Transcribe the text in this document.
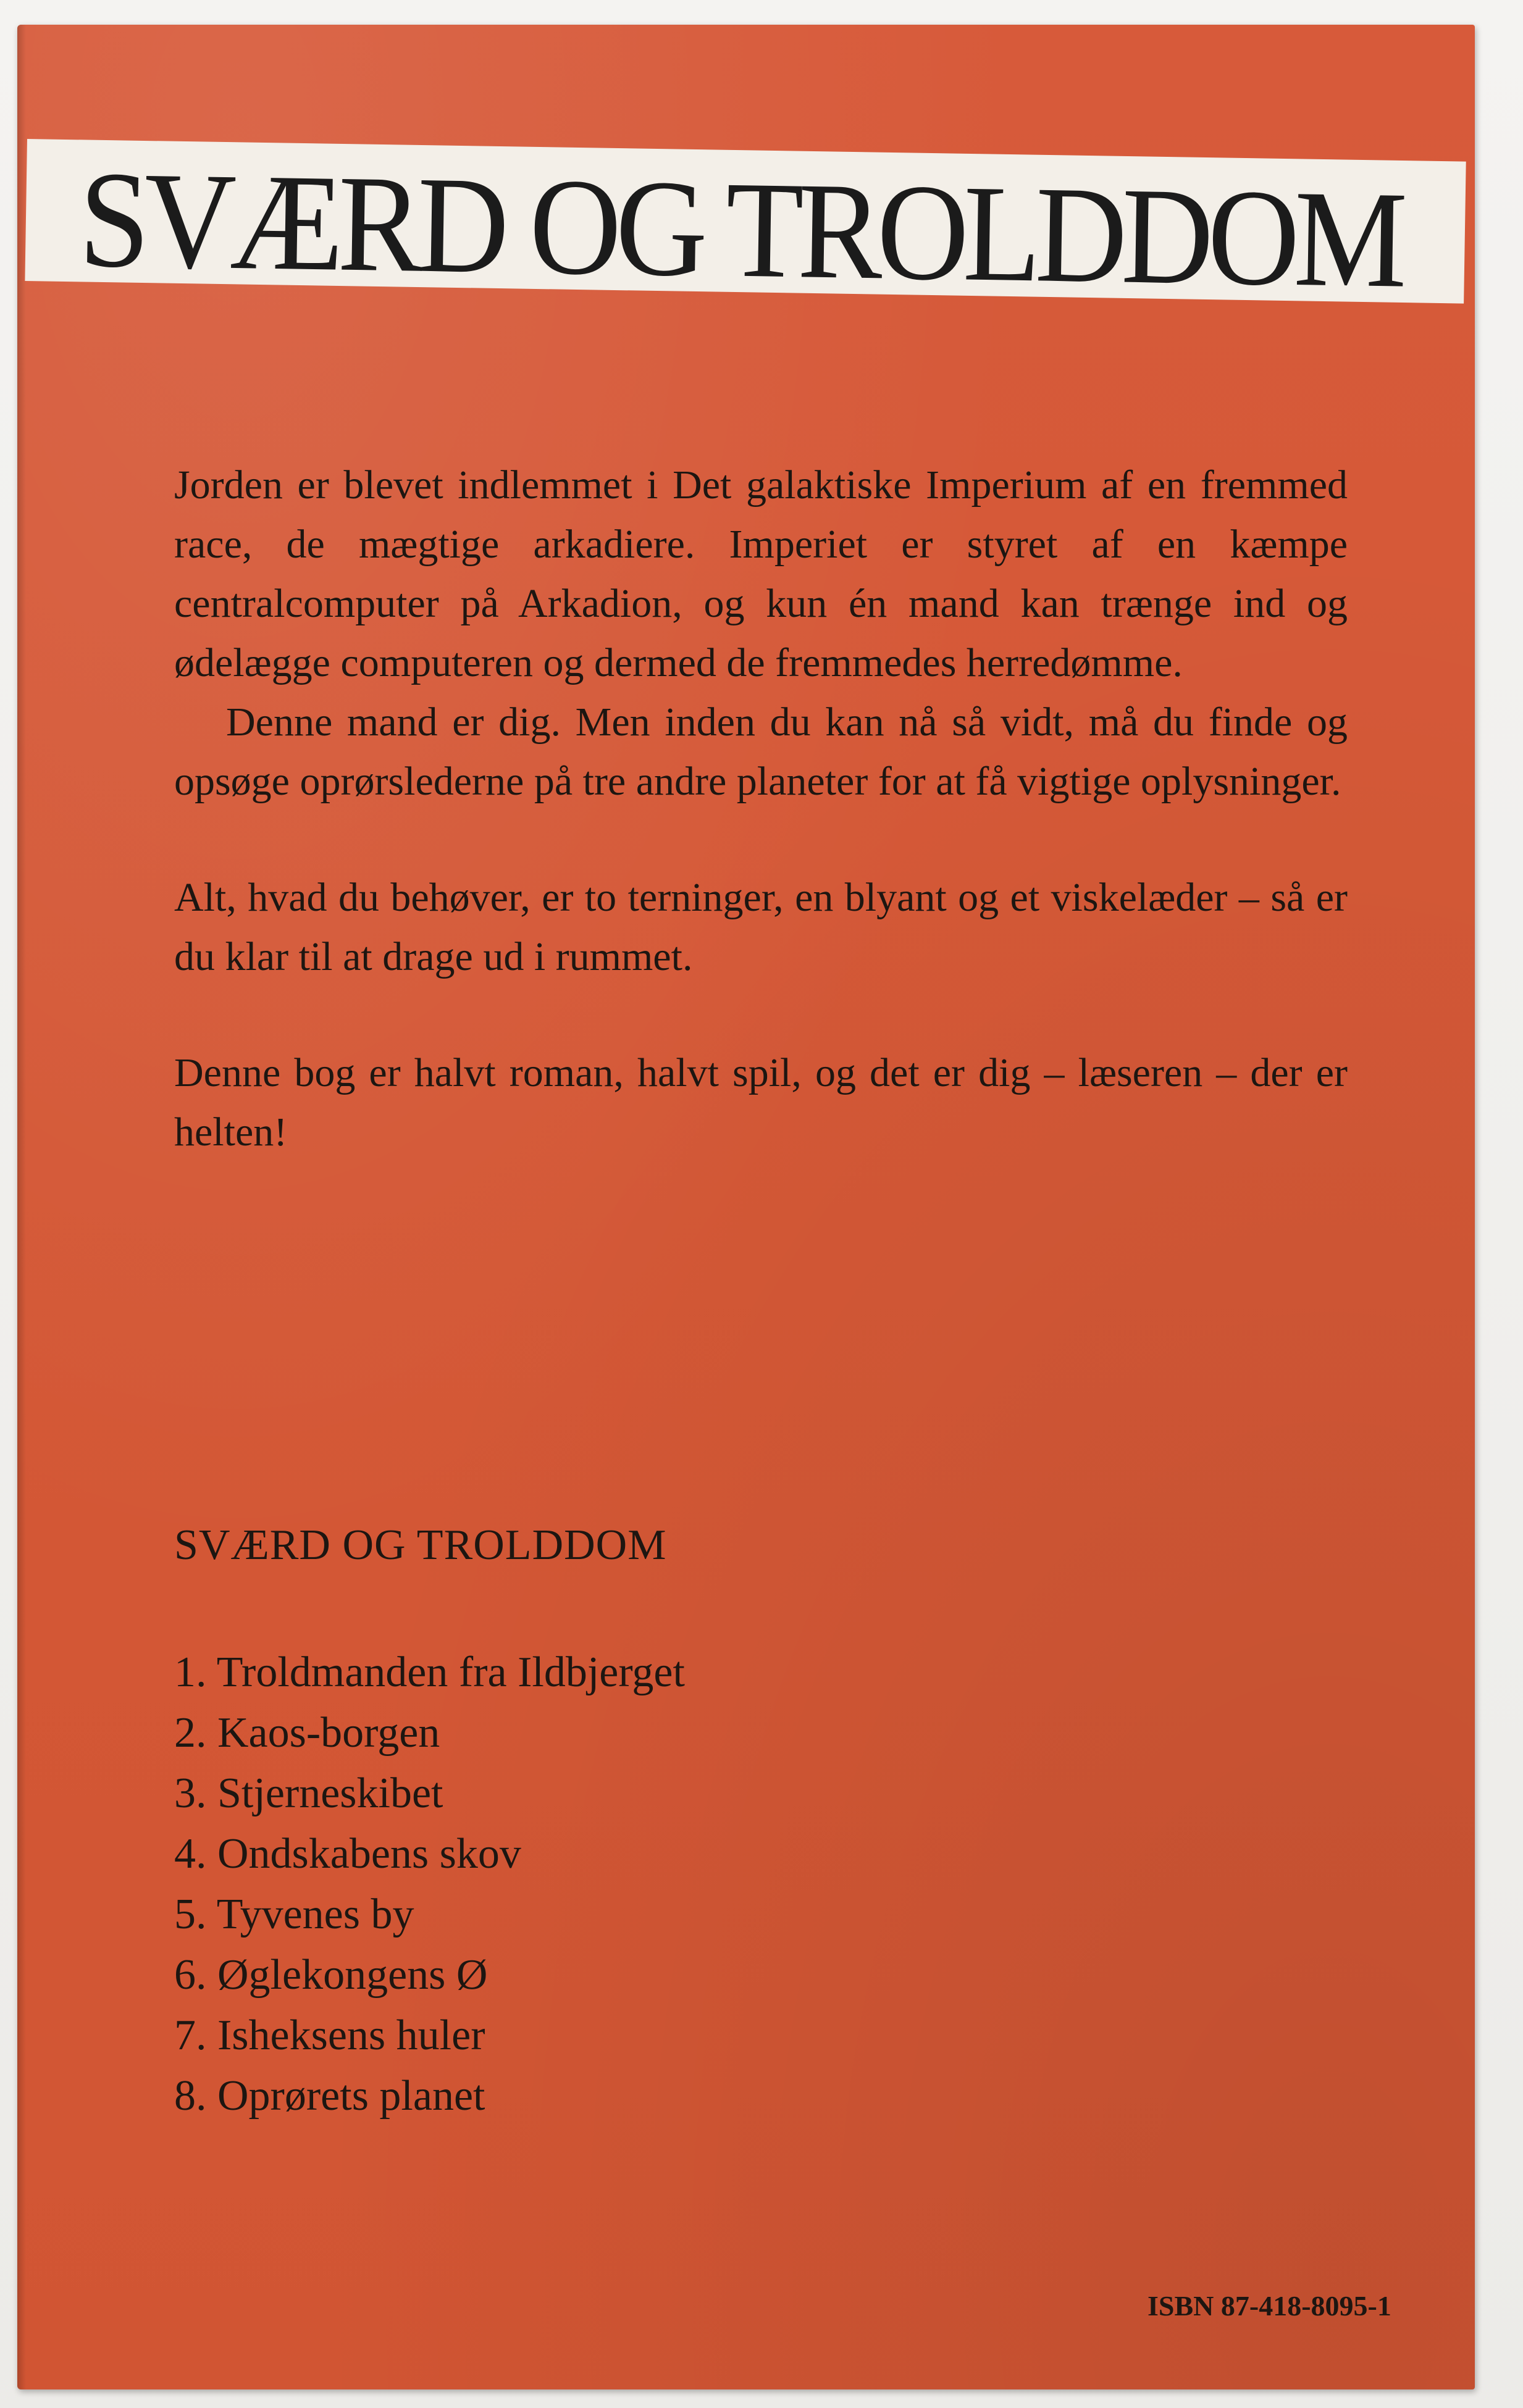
SVÆRD OG TROLDDOM

Jorden er blevet indlemmet i Det galaktiske Imperium af en fremmed race, de mægtige arkadiere. Imperiet er styret af en kæmpe centralcomputer på Arkadion, og kun én mand kan trænge ind og ødelægge computeren og dermed de fremmedes herredømme.

Denne mand er dig. Men inden du kan nå så vidt, må du finde og opsøge oprørslederne på tre andre planeter for at få vigtige oplysninger.

Alt, hvad du behøver, er to terninger, en blyant og et viskelæder – så er du klar til at drage ud i rummet.

Denne bog er halvt roman, halvt spil, og det er dig – læseren – der er helten!

SVÆRD OG TROLDDOM
1. Troldmanden fra Ildbjerget
2. Kaos-borgen
3. Stjerneskibet
4. Ondskabens skov
5. Tyvenes by
6. Øglekongens Ø
7. Isheksens huler
8. Oprørets planet
ISBN 87-418-8095-1
